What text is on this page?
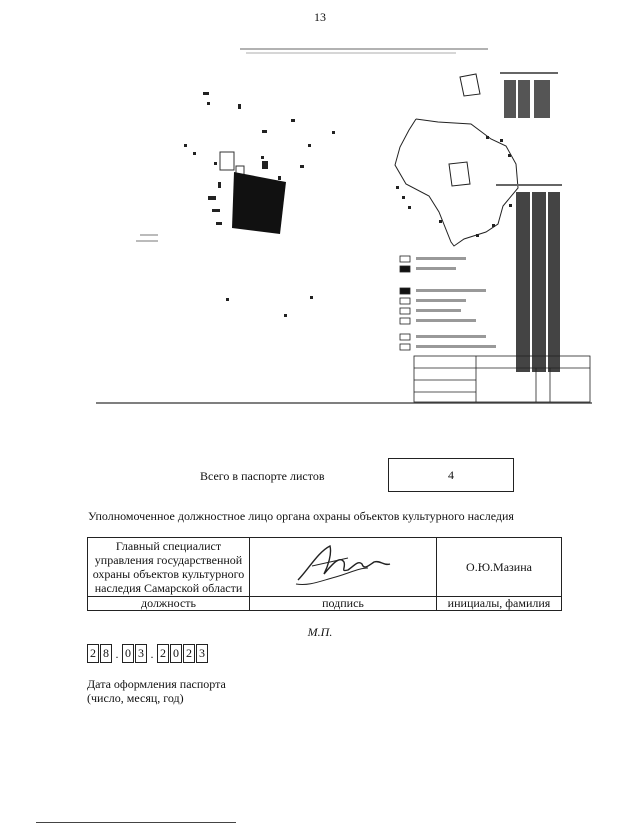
13
Всего в паспорте листов	4
Уполномоченное должностное лицо органа охраны объектов культурного наследия
Главный специалист
управления государственной
охраны объектов культурного
наследия Самарской области		О.Ю.Мазина
должность	подпись	инициалы, фамилия
М.П.
2 8 . 0 3 . 2 0 2 3
Дата оформления паспорта
(число, месяц, год)
